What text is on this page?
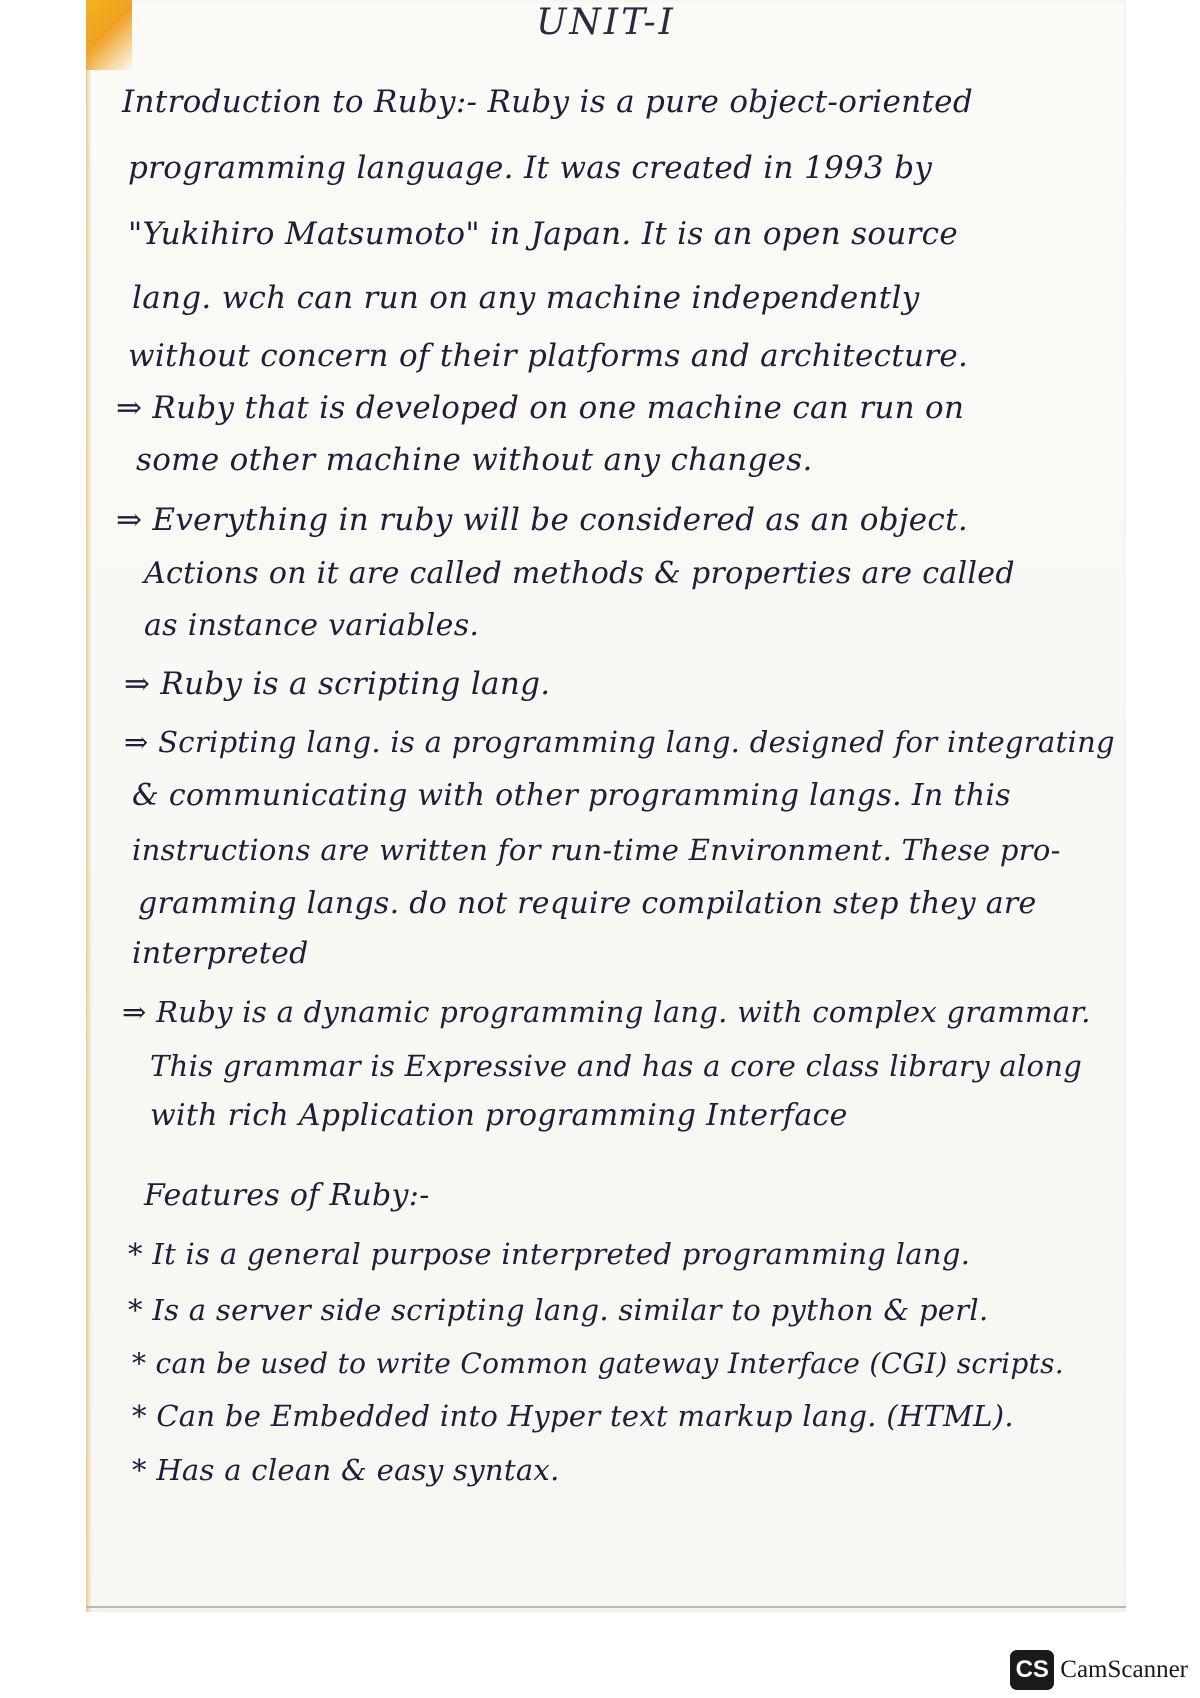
UNIT-I
Introduction to Ruby:- Ruby is a pure object-oriented
programming language. It was created in 1993 by
"Yukihiro Matsumoto" in Japan. It is an open source
lang. wch can run on any machine independently
without concern of their platforms and architecture.
⇒ Ruby that is developed on one machine can run on
some other machine without any changes.
⇒ Everything in ruby will be considered as an object.
Actions on it are called methods & properties are called
as instance variables.
⇒ Ruby is a scripting lang.
⇒ Scripting lang. is a programming lang. designed for integrating
& communicating with other programming langs. In this
instructions are written for run-time Environment. These pro-
gramming langs. do not require compilation step they are
interpreted
⇒ Ruby is a dynamic programming lang. with complex grammar.
This grammar is Expressive and has a core class library along
with rich Application programming Interface
Features of Ruby:-
* It is a general purpose interpreted programming lang.
* Is a server side scripting lang. similar to python & perl.
* can be used to write Common gateway Interface (CGI) scripts.
* Can be Embedded into Hyper text markup lang. (HTML).
* Has a clean & easy syntax.
CS CamScanner
